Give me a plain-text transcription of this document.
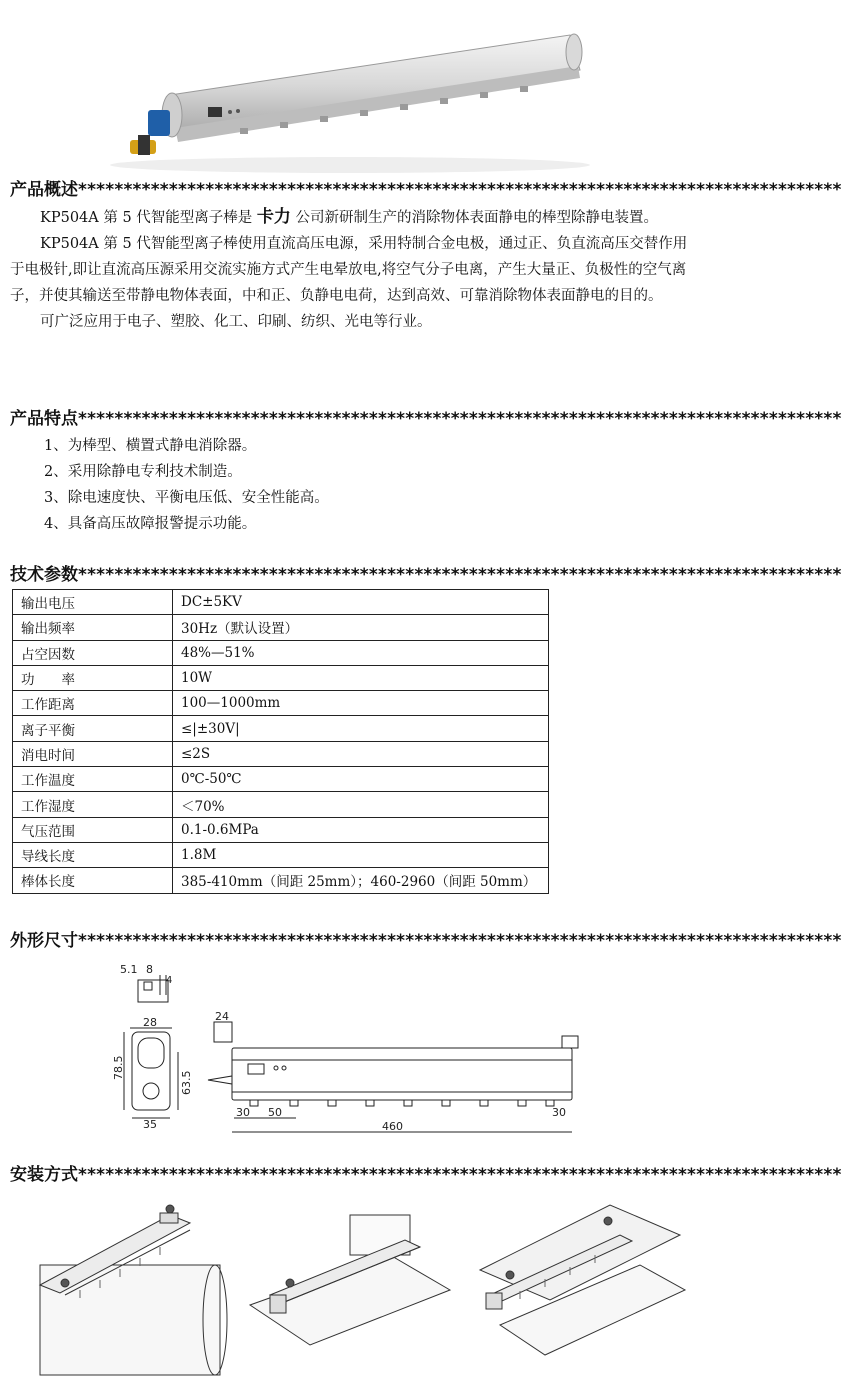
产品概述************************************************************************************

KP504A 第 5 代智能型离子棒是 卡力 公司新研制生产的消除物体表面静电的棒型除静电装置。

KP504A 第 5 代智能型离子棒使用直流高压电源，采用特制合金电极，通过正、负直流高压交替作用于电极针,即让直流高压源采用交流实施方式产生电晕放电,将空气分子电离，产生大量正、负极性的空气离子，并使其输送至带静电物体表面，中和正、负静电电荷，达到高效、可靠消除物体表面静电的目的。

可广泛应用于电子、塑胶、化工、印刷、纺织、光电等行业。

产品特点************************************************************************************
1、为棒型、横置式静电消除器。
2、采用除静电专利技术制造。
3、除电速度快、平衡电压低、安全性能高。
4、具备高压故障报警提示功能。
技术参数************************************************************************************
输出电压	DC±5KV
输出频率	30Hz（默认设置）
占空因数	48%—51%
功　　率	10W
工作距离	100—1000mm
离子平衡	≤|±30V|
消电时间	≤2S
工作温度	0℃-50℃
工作湿度	＜70%
气压范围	0.1-0.6MPa
导线长度	1.8M
棒体长度	385-410mm（间距 25mm）；460-2960（间距 50mm）
外形尺寸************************************************************************************
5.1 8
4
28
78.5
63.5
35
24
30 50
460
30
安装方式************************************************************************************
